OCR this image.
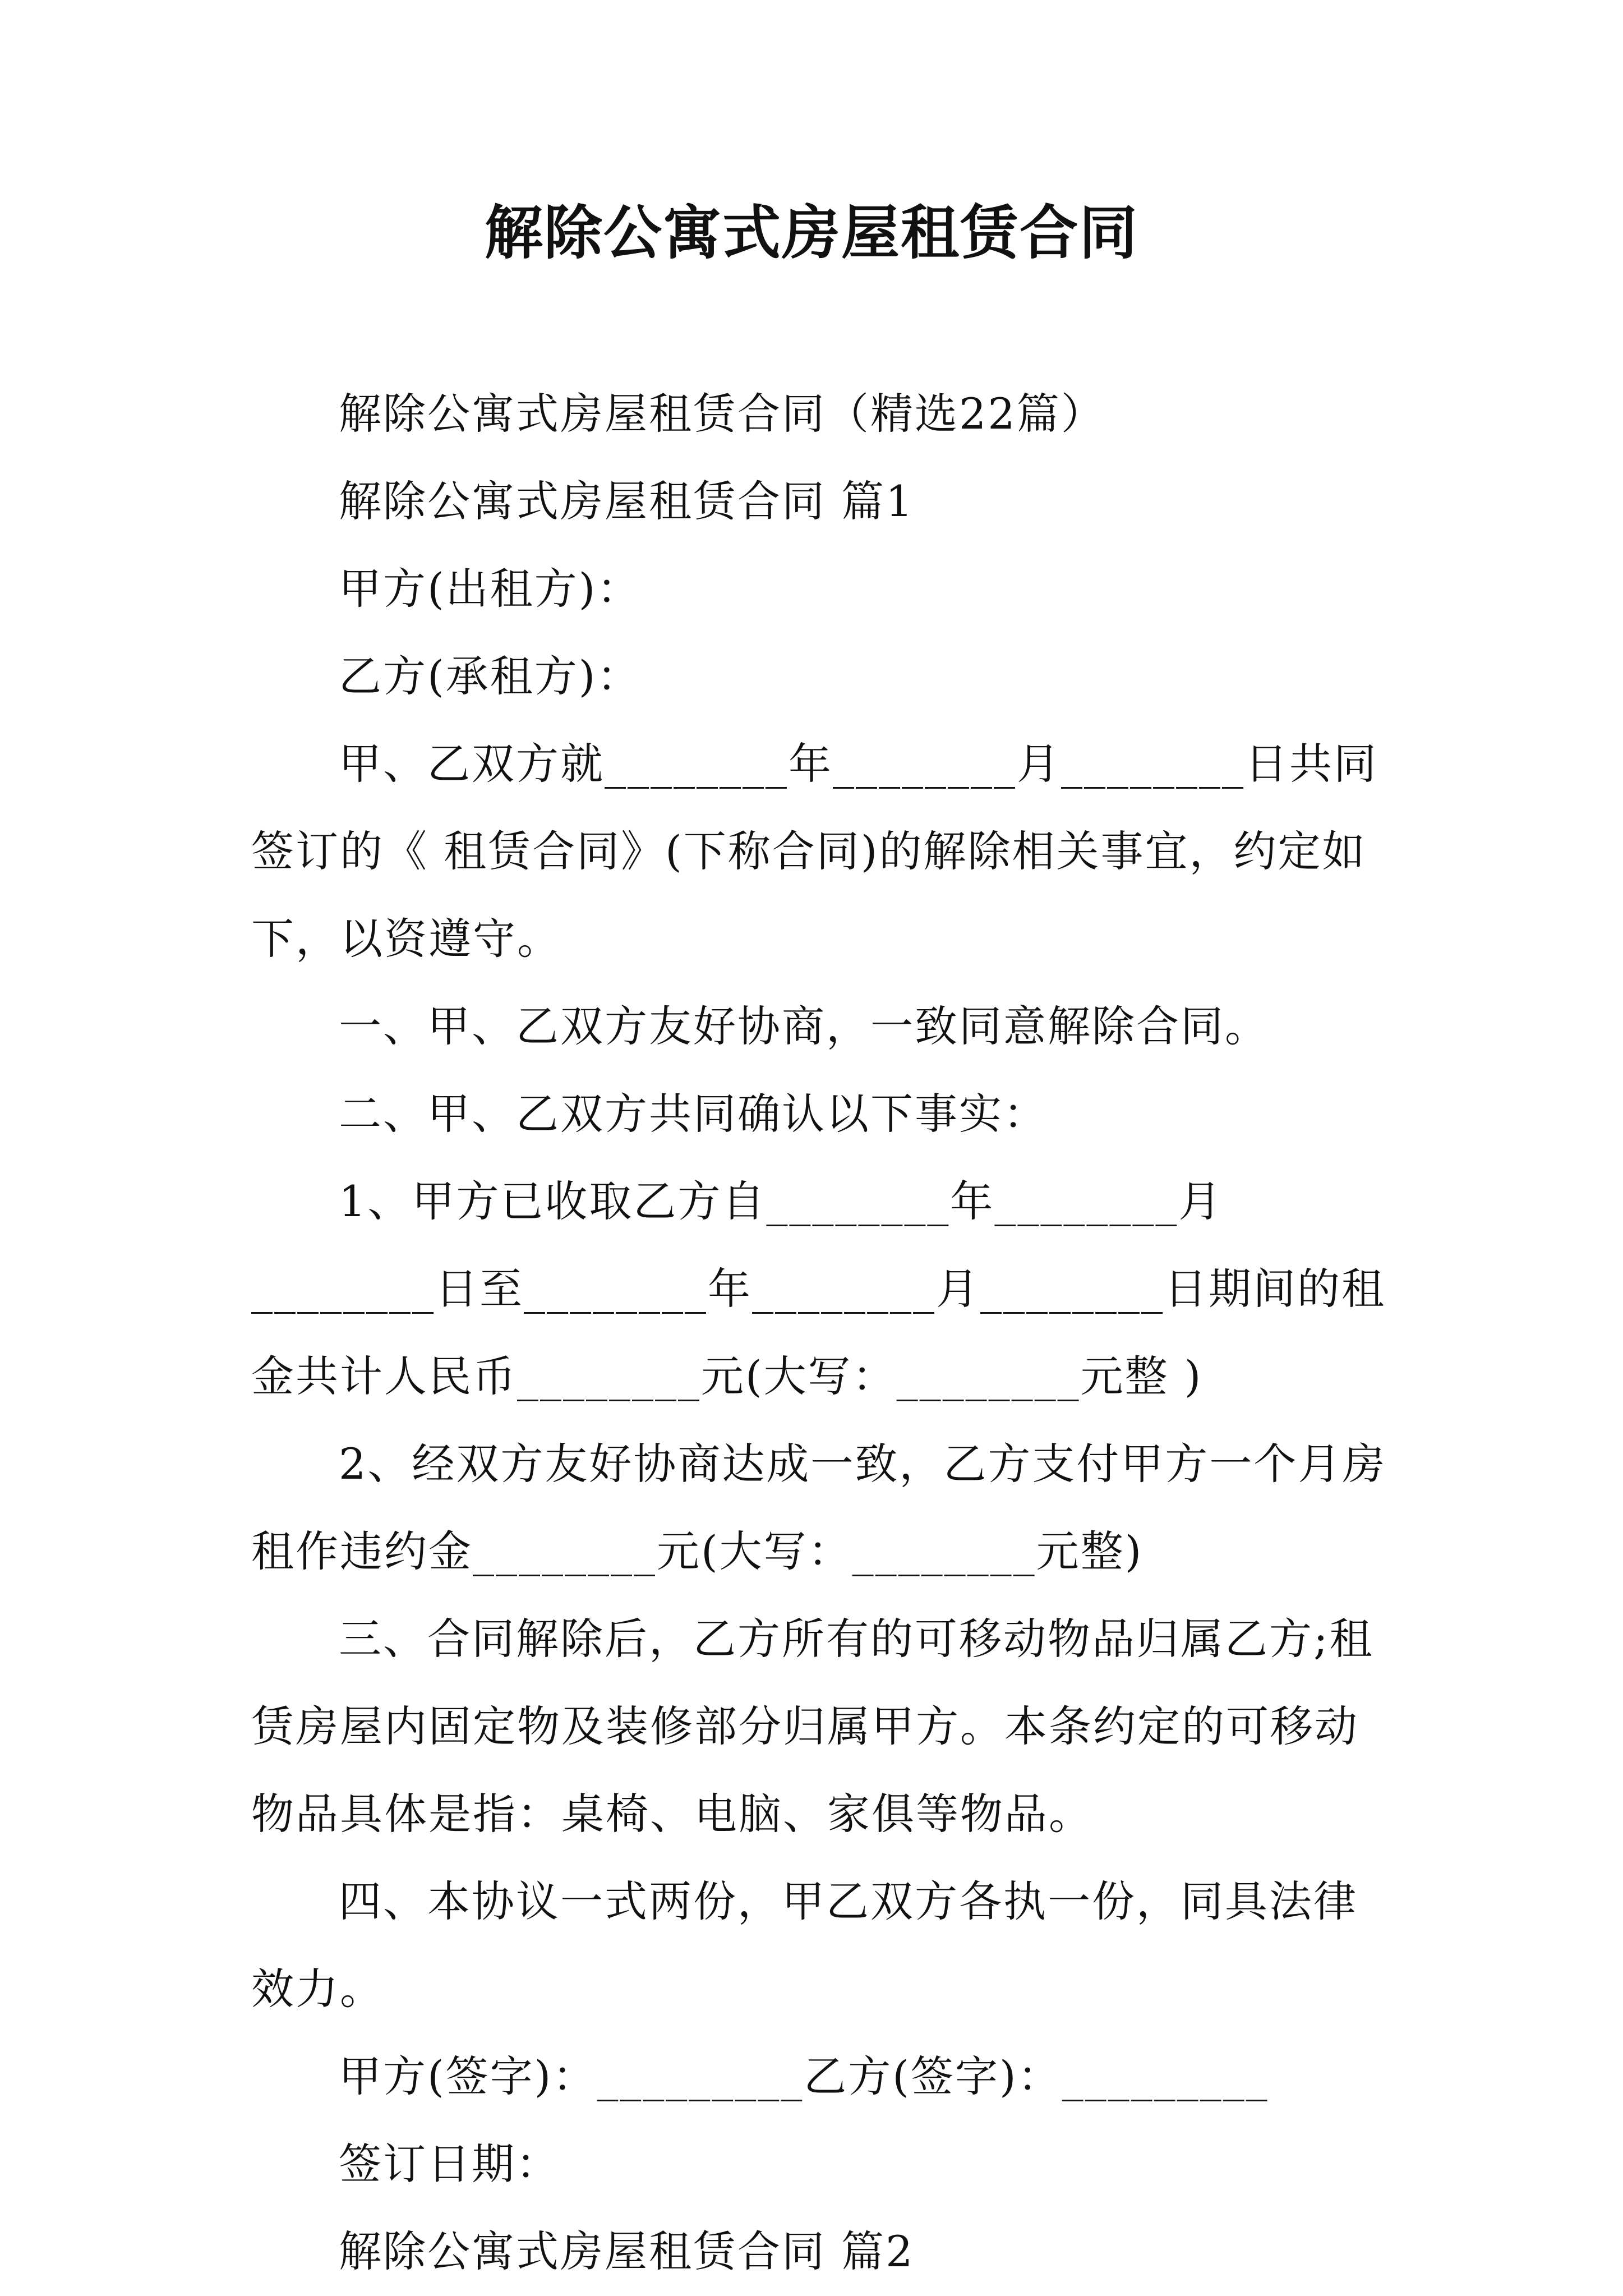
解除公寓式房屋租赁合同

解除公寓式房屋租赁合同（精选22篇）

解除公寓式房屋租赁合同 篇1

甲方(出租方)：

乙方(承租方)：

甲、乙双方就________年________月________日共同签订的《 租赁合同》(下称合同)的解除相关事宜，约定如下，以资遵守。

一、甲、乙双方友好协商，一致同意解除合同。

二、甲、乙双方共同确认以下事实：

1、甲方已收取乙方自________年________月________日至________年________月________日期间的租金共计人民币________元(大写：________元整 )

2、经双方友好协商达成一致，乙方支付甲方一个月房租作违约金________元(大写：________元整)

三、合同解除后，乙方所有的可移动物品归属乙方;租赁房屋内固定物及装修部分归属甲方。本条约定的可移动物品具体是指：桌椅、电脑、家俱等物品。

四、本协议一式两份，甲乙双方各执一份，同具法律效力。

甲方(签字)：_________乙方(签字)：_________

签订日期：

解除公寓式房屋租赁合同 篇2
